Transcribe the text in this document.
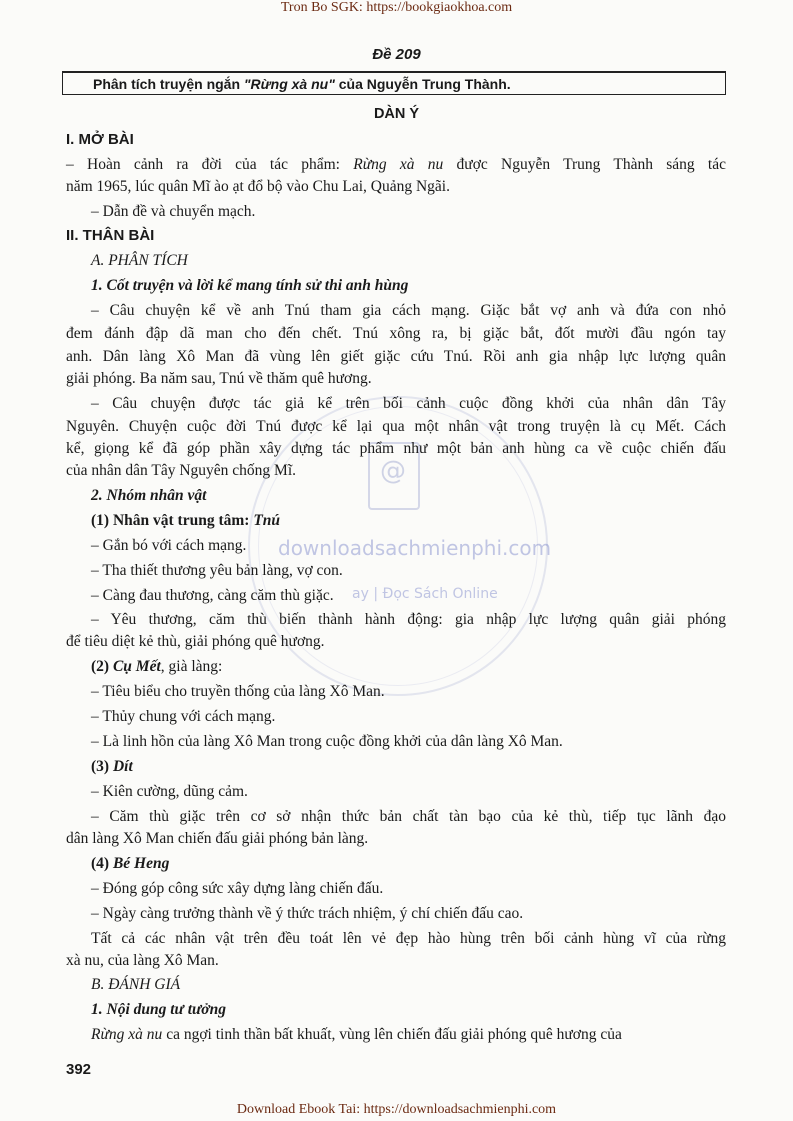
@
downloadsachmienphi.com
ay | Đọc Sách Online
Tron Bo SGK: https://bookgiaokhoa.com
Đề 209
Phân tích truyện ngắn "Rừng xà nu" của Nguyễn Trung Thành.
DÀN Ý
I. MỞ BÀI
– Hoàn cảnh ra đời của tác phẩm: Rừng xà nu được Nguyễn Trung Thành sáng tác
năm 1965, lúc quân Mĩ ào ạt đổ bộ vào Chu Lai, Quảng Ngãi.
– Dẫn đề và chuyển mạch.
II. THÂN BÀI
A. PHÂN TÍCH
1. Cốt truyện và lời kể mang tính sử thi anh hùng
– Câu chuyện kể về anh Tnú tham gia cách mạng. Giặc bắt vợ anh và đứa con nhỏ
đem đánh đập dã man cho đến chết. Tnú xông ra, bị giặc bắt, đốt mười đầu ngón tay
anh. Dân làng Xô Man đã vùng lên giết giặc cứu Tnú. Rồi anh gia nhập lực lượng quân
giải phóng. Ba năm sau, Tnú về thăm quê hương.
– Câu chuyện được tác giả kể trên bối cảnh cuộc đồng khởi của nhân dân Tây
Nguyên. Chuyện cuộc đời Tnú được kể lại qua một nhân vật trong truyện là cụ Mết. Cách
kể, giọng kể đã góp phần xây dựng tác phẩm như một bản anh hùng ca về cuộc chiến đấu
của nhân dân Tây Nguyên chống Mĩ.
2. Nhóm nhân vật
(1) Nhân vật trung tâm: Tnú
– Gắn bó với cách mạng.
– Tha thiết thương yêu bản làng, vợ con.
– Càng đau thương, càng căm thù giặc.
– Yêu thương, căm thù biến thành hành động: gia nhập lực lượng quân giải phóng
để tiêu diệt kẻ thù, giải phóng quê hương.
(2) Cụ Mết, già làng:
– Tiêu biểu cho truyền thống của làng Xô Man.
– Thủy chung với cách mạng.
– Là linh hồn của làng Xô Man trong cuộc đồng khởi của dân làng Xô Man.
(3) Dít
– Kiên cường, dũng cảm.
– Căm thù giặc trên cơ sở nhận thức bản chất tàn bạo của kẻ thù, tiếp tục lãnh đạo
dân làng Xô Man chiến đấu giải phóng bản làng.
(4) Bé Heng
– Đóng góp công sức xây dựng làng chiến đấu.
– Ngày càng trưởng thành về ý thức trách nhiệm, ý chí chiến đấu cao.
Tất cả các nhân vật trên đều toát lên vẻ đẹp hào hùng trên bối cảnh hùng vĩ của rừng
xà nu, của làng Xô Man.
B. ĐÁNH GIÁ
1. Nội dung tư tưởng
Rừng xà nu ca ngợi tinh thần bất khuất, vùng lên chiến đấu giải phóng quê hương của
392
Download Ebook Tai: https://downloadsachmienphi.com
